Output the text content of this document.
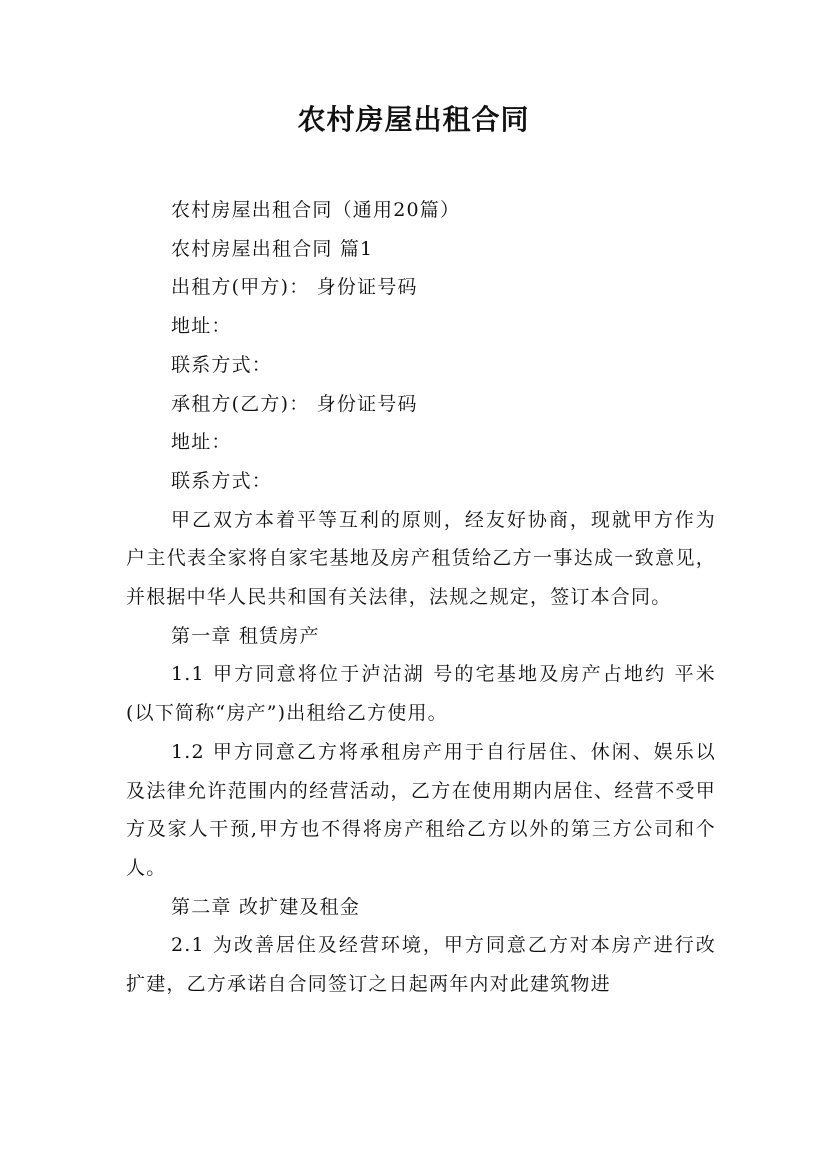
农村房屋出租合同

农村房屋出租合同（通用20篇）

农村房屋出租合同 篇1

出租方(甲方)： 身份证号码

地址：

联系方式：

承租方(乙方)： 身份证号码

地址：

联系方式：

甲乙双方本着平等互利的原则，经友好协商，现就甲方作为户主代表全家将自家宅基地及房产租赁给乙方一事达成一致意见，并根据中华人民共和国有关法律，法规之规定，签订本合同。

第一章 租赁房产

1.1 甲方同意将位于泸沽湖 号的宅基地及房产占地约 平米(以下简称“房产”)出租给乙方使用。

1.2 甲方同意乙方将承租房产用于自行居住、休闲、娱乐以及法律允许范围内的经营活动，乙方在使用期内居住、经营不受甲方及家人干预,甲方也不得将房产租给乙方以外的第三方公司和个人。

第二章 改扩建及租金

2.1 为改善居住及经营环境，甲方同意乙方对本房产进行改扩建，乙方承诺自合同签订之日起两年内对此建筑物进
